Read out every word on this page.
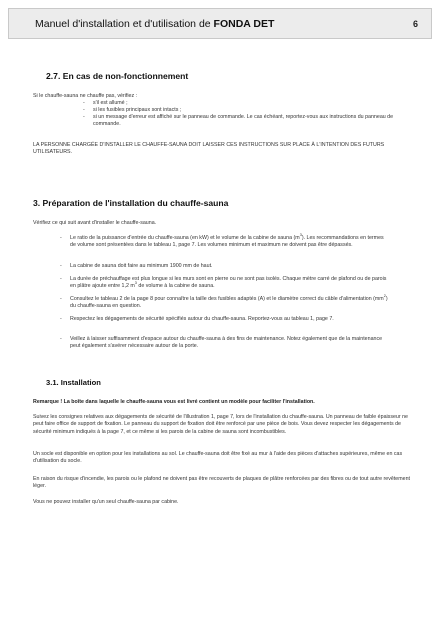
Manuel d'installation et d'utilisation de FONDA DET	6
2.7. En cas de non-fonctionnement
Si le chauffe-sauna ne chauffe pas, vérifiez :
- s'il est allumé ;
- si les fusibles principaux sont intacts ;
- si un message d'erreur est affiché sur le panneau de commande. Le cas échéant, reportez-vous aux instructions du panneau de commande.
LA PERSONNE CHARGÉE D'INSTALLER LE CHAUFFE-SAUNA DOIT LAISSER CES INSTRUCTIONS SUR PLACE À L'INTENTION DES FUTURS UTILISATEURS.
3. Préparation de l'installation du chauffe-sauna
Vérifiez ce qui suit avant d'installer le chauffe-sauna.
- Le ratio de la puissance d'entrée du chauffe-sauna (en kW) et le volume de la cabine de sauna $(m^3)$. Les recommandations en termes de volume sont présentées dans le tableau 1, page 7. Les volumes minimum et maximum ne doivent pas être dépassés.
- La cabine de sauna doit faire au minimum 1900 mm de haut.
- La durée de préchauffage est plus longue si les murs sont en pierre ou ne sont pas isolés. Chaque mètre carré de plafond ou de parois en plâtre ajoute entre 1,2 $m^3$ de volume à la cabine de sauna.
- Consultez le tableau 2 de la page 8 pour connaître la taille des fusibles adaptés (A) et le diamètre correct du câble d'alimentation $(mm^2)$ du chauffe-sauna en question.
- Respectez les dégagements de sécurité spécifiés autour du chauffe-sauna. Reportez-vous au tableau 1, page 7.
- Veillez à laisser suffisamment d'espace autour du chauffe-sauna à des fins de maintenance. Notez également que de la maintenance peut également s'avérer nécessaire autour de la porte.
3.1. Installation
Remarque ! La boîte dans laquelle le chauffe-sauna vous est livré contient un modèle pour faciliter l'installation.
Suivez les consignes relatives aux dégagements de sécurité de l'illustration 1, page 7, lors de l'installation du chauffe-sauna. Un panneau de faible épaisseur ne peut faire office de support de fixation. Le panneau du support de fixation doit être renforcé par une pièce de bois. Vous devez respecter les dégagements de sécurité minimum indiqués à la page 7, et ce même si les parois de la cabine de sauna sont incombustibles.
Un socle est disponible en option pour les installations au sol. Le chauffe-sauna doit être fixé au mur à l'aide des pièces d'attaches supérieures, même en cas d'utilisation du socle.
En raison du risque d'incendie, les parois ou le plafond ne doivent pas être recouverts de plaques de plâtre renforcées par des fibres ou de tout autre revêtement léger.
Vous ne pouvez installer qu'un seul chauffe-sauna par cabine.
